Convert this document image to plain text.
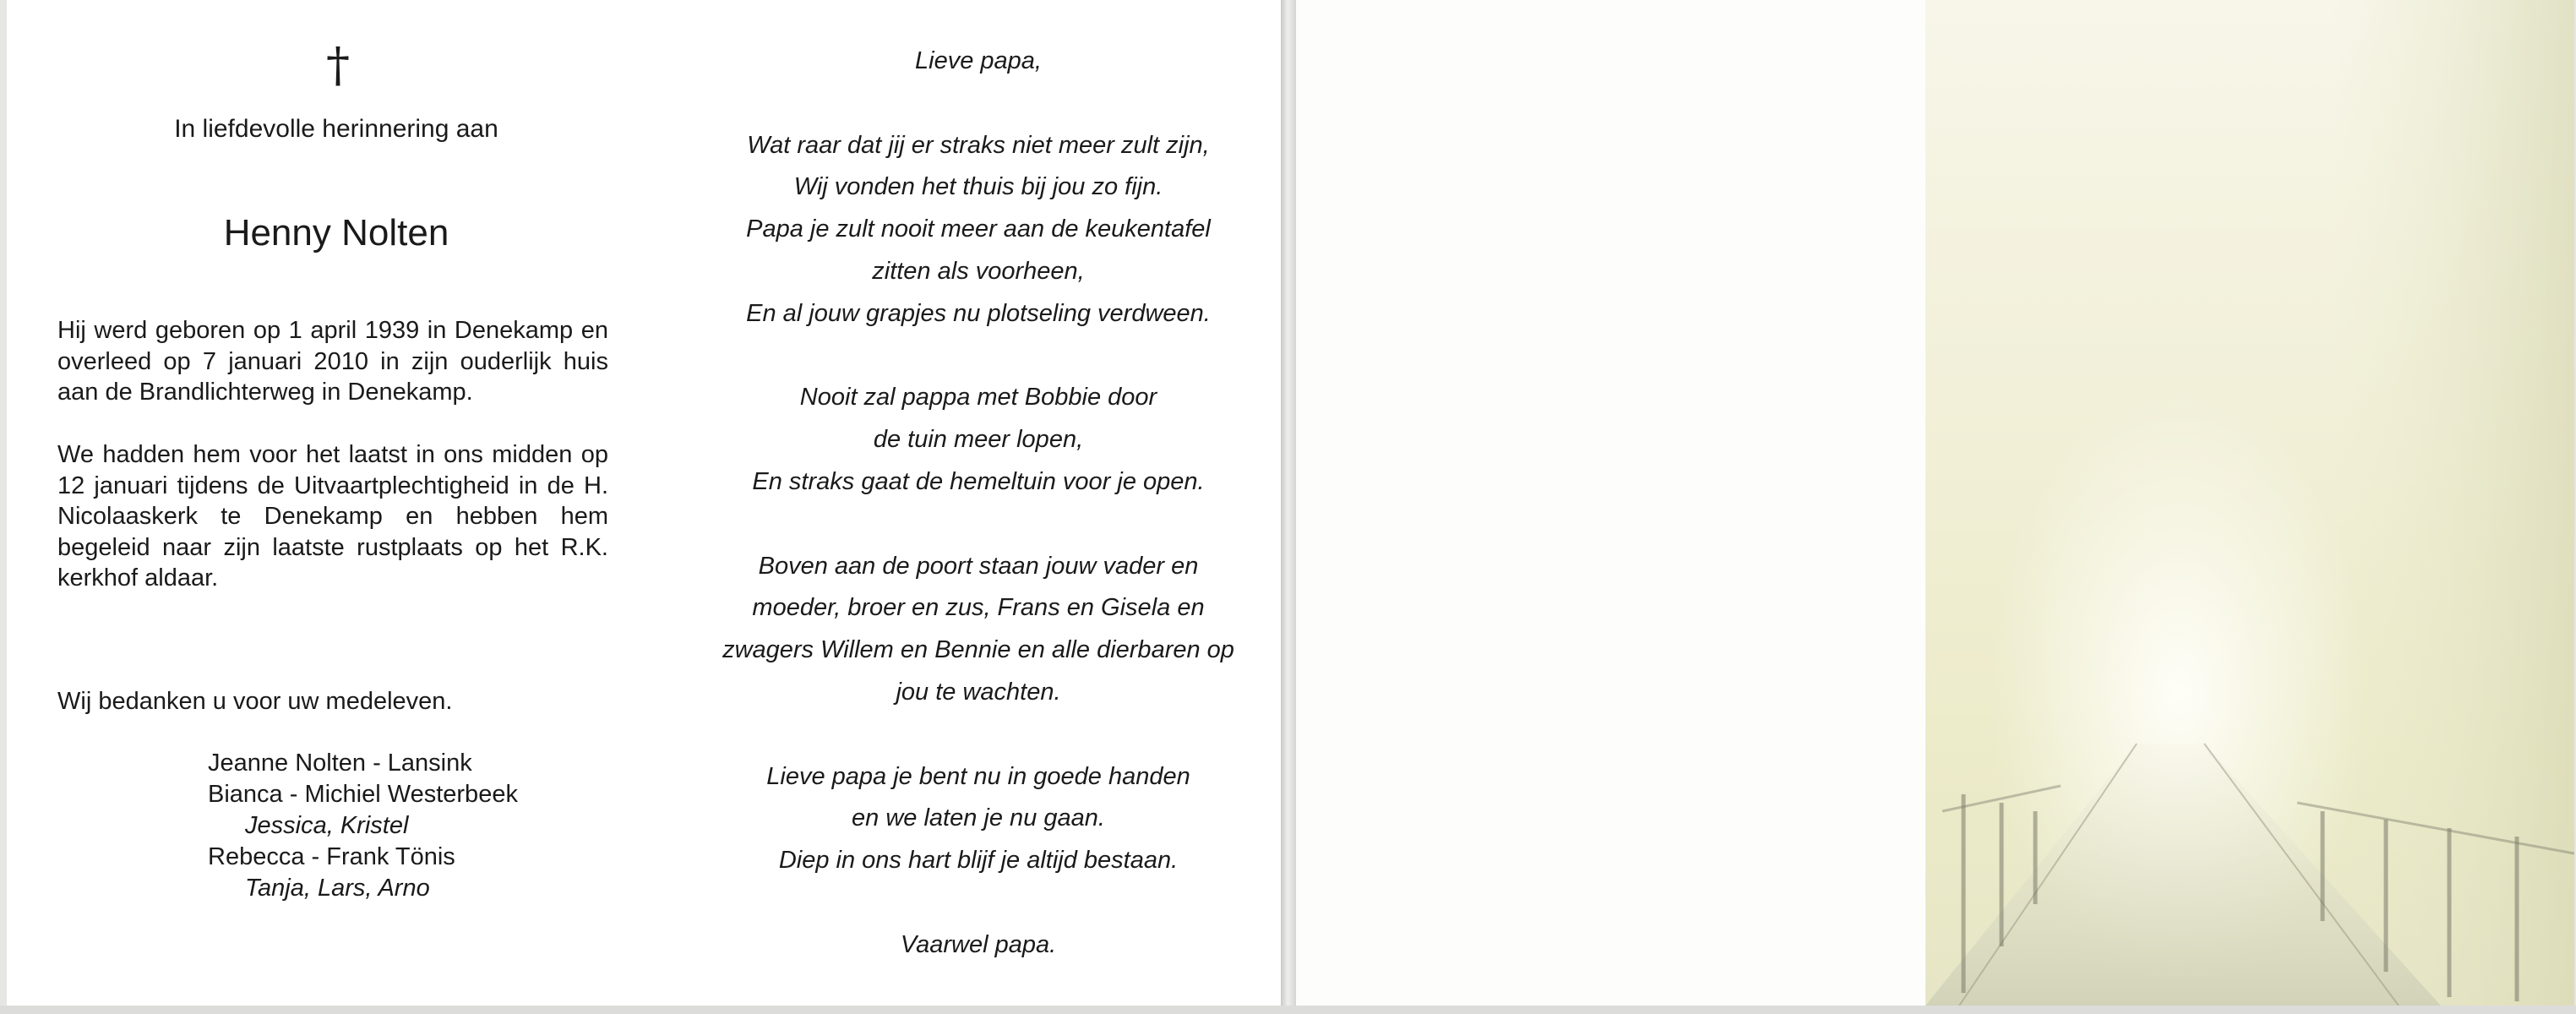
†
In liefdevolle herinnering aan
Henny Nolten
Hij werd geboren op 1 april 1939 in Denekamp en overleed op 7 januari 2010 in zijn ouderlijk huis aan de Brandlichterweg in Denekamp.
We hadden hem voor het laatst in ons midden op 12 januari tijdens de Uitvaartplechtigheid in de H. Nicolaaskerk te Denekamp en hebben hem begeleid naar zijn laatste rustplaats op het R.K. kerkhof aldaar.
Wij bedanken u voor uw medeleven.
Jeanne Nolten - Lansink
Bianca - Michiel Westerbeek
Jessica, Kristel
Rebecca - Frank Tönis
Tanja, Lars, Arno
Lieve papa,
Wat raar dat jij er straks niet meer zult zijn,
Wij vonden het thuis bij jou zo fijn.
Papa je zult nooit meer aan de keukentafel
zitten als voorheen,
En al jouw grapjes nu plotseling verdween.
Nooit zal pappa met Bobbie door
de tuin meer lopen,
En straks gaat de hemeltuin voor je open.
Boven aan de poort staan jouw vader en
moeder, broer en zus, Frans en Gisela en
zwagers Willem en Bennie en alle dierbaren op
jou te wachten.
Lieve papa je bent nu in goede handen
en we laten je nu gaan.
Diep in ons hart blijf je altijd bestaan.
Vaarwel papa.
